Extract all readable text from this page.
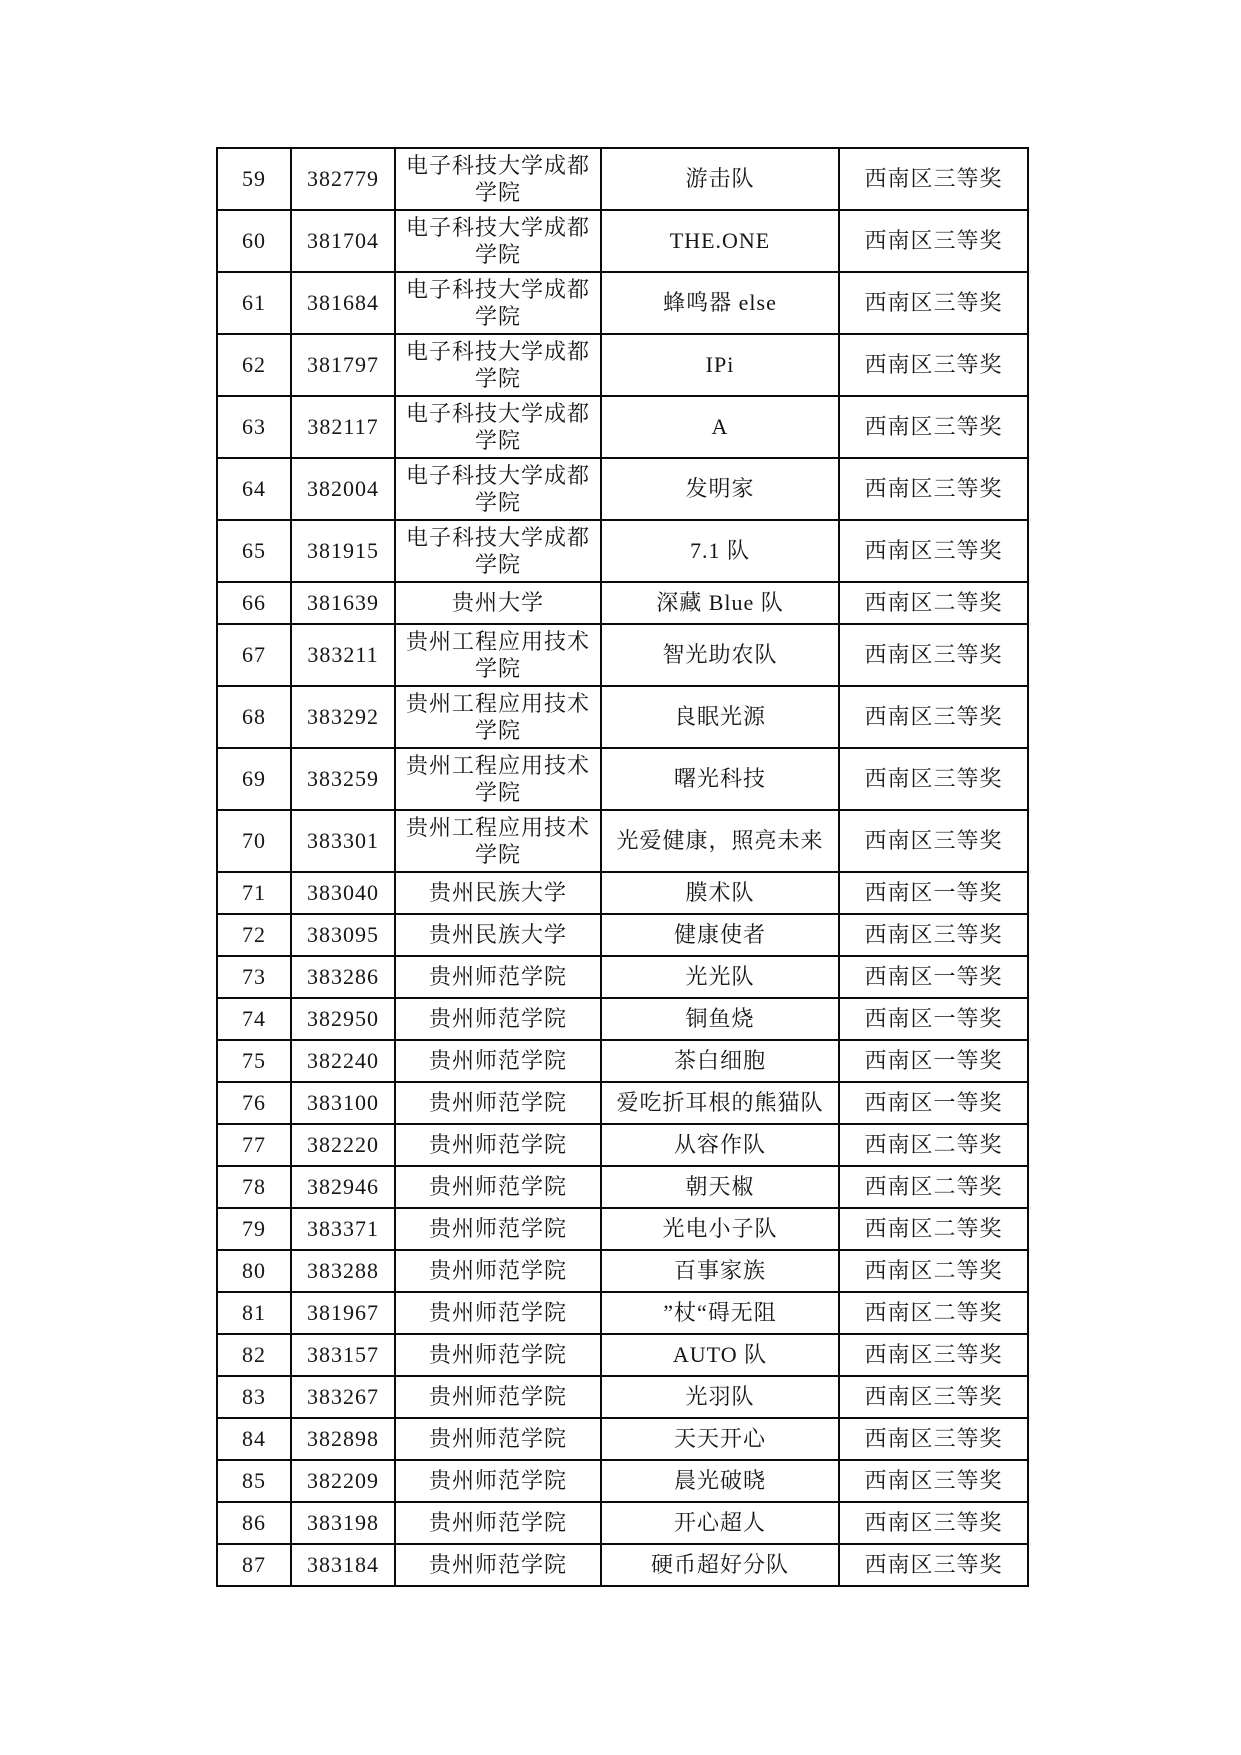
59	382779	电子科技大学成都学院	游击队	西南区三等奖
60	381704	电子科技大学成都学院	THE.ONE	西南区三等奖
61	381684	电子科技大学成都学院	蜂鸣器 else	西南区三等奖
62	381797	电子科技大学成都学院	IPi	西南区三等奖
63	382117	电子科技大学成都学院	A	西南区三等奖
64	382004	电子科技大学成都学院	发明家	西南区三等奖
65	381915	电子科技大学成都学院	7.1 队	西南区三等奖
66	381639	贵州大学	深藏 Blue 队	西南区二等奖
67	383211	贵州工程应用技术学院	智光助农队	西南区三等奖
68	383292	贵州工程应用技术学院	良眠光源	西南区三等奖
69	383259	贵州工程应用技术学院	曙光科技	西南区三等奖
70	383301	贵州工程应用技术学院	光爱健康，照亮未来	西南区三等奖
71	383040	贵州民族大学	膜术队	西南区一等奖
72	383095	贵州民族大学	健康使者	西南区三等奖
73	383286	贵州师范学院	光光队	西南区一等奖
74	382950	贵州师范学院	铜鱼烧	西南区一等奖
75	382240	贵州师范学院	茶白细胞	西南区一等奖
76	383100	贵州师范学院	爱吃折耳根的熊猫队	西南区一等奖
77	382220	贵州师范学院	从容作队	西南区二等奖
78	382946	贵州师范学院	朝天椒	西南区二等奖
79	383371	贵州师范学院	光电小子队	西南区二等奖
80	383288	贵州师范学院	百事家族	西南区二等奖
81	381967	贵州师范学院	”杖“碍无阻	西南区二等奖
82	383157	贵州师范学院	AUTO 队	西南区三等奖
83	383267	贵州师范学院	光羽队	西南区三等奖
84	382898	贵州师范学院	天天开心	西南区三等奖
85	382209	贵州师范学院	晨光破晓	西南区三等奖
86	383198	贵州师范学院	开心超人	西南区三等奖
87	383184	贵州师范学院	硬币超好分队	西南区三等奖
